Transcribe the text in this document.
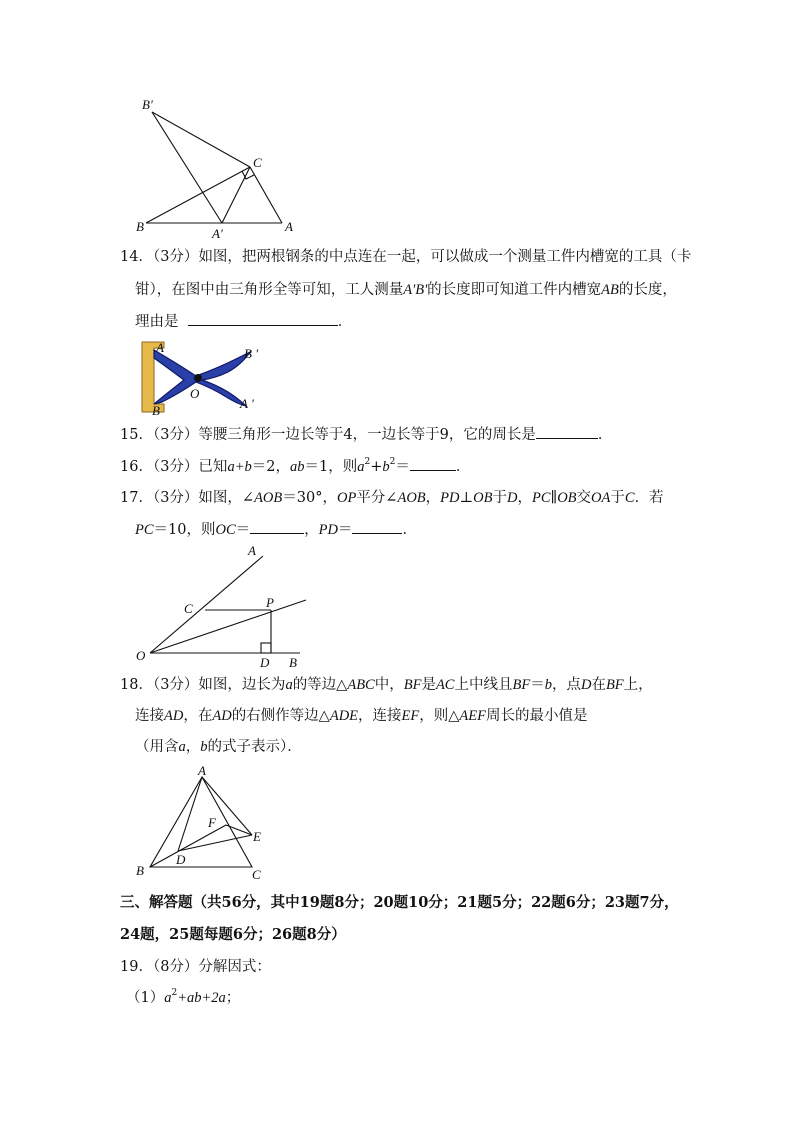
B′
C
B	A′	A
14．（3分）如图，把两根钢条的中点连在一起，可以做成一个测量工件内槽宽的工具（卡
钳），在图中由三角形全等可知，工人测量A'B'的长度即可知道工件内槽宽AB的长度，
理由是	．
A	B ′
O
A ′
B
15．（3分）等腰三角形一边长等于4，一边长等于9，它的周长是	．
16．（3分）已知a+b＝2，ab＝1，则$a^2+b^2=$	．
17．（3分）如图，∠AOB＝30°，OP平分∠AOB，PD⊥OB于D，PC∥OB交OA于C．若
PC＝10，则OC＝	，PD＝	．
A
C	P
O	D B
18．（3分）如图，边长为a的等边△ABC中，BF是AC上中线且BF＝b，点D在BF上，
连接AD，在AD的右侧作等边△ADE，连接EF，则△AEF周长的最小值是
（用含a，b的式子表示）．
A
F
E
D
B	C
三、解答题（共56分，其中19题8分；20题10分；21题5分；22题6分；23题7分，
24题，25题每题6分；26题8分）
19．（8分）分解因式：
$(1)a^2+ab+2a$；
